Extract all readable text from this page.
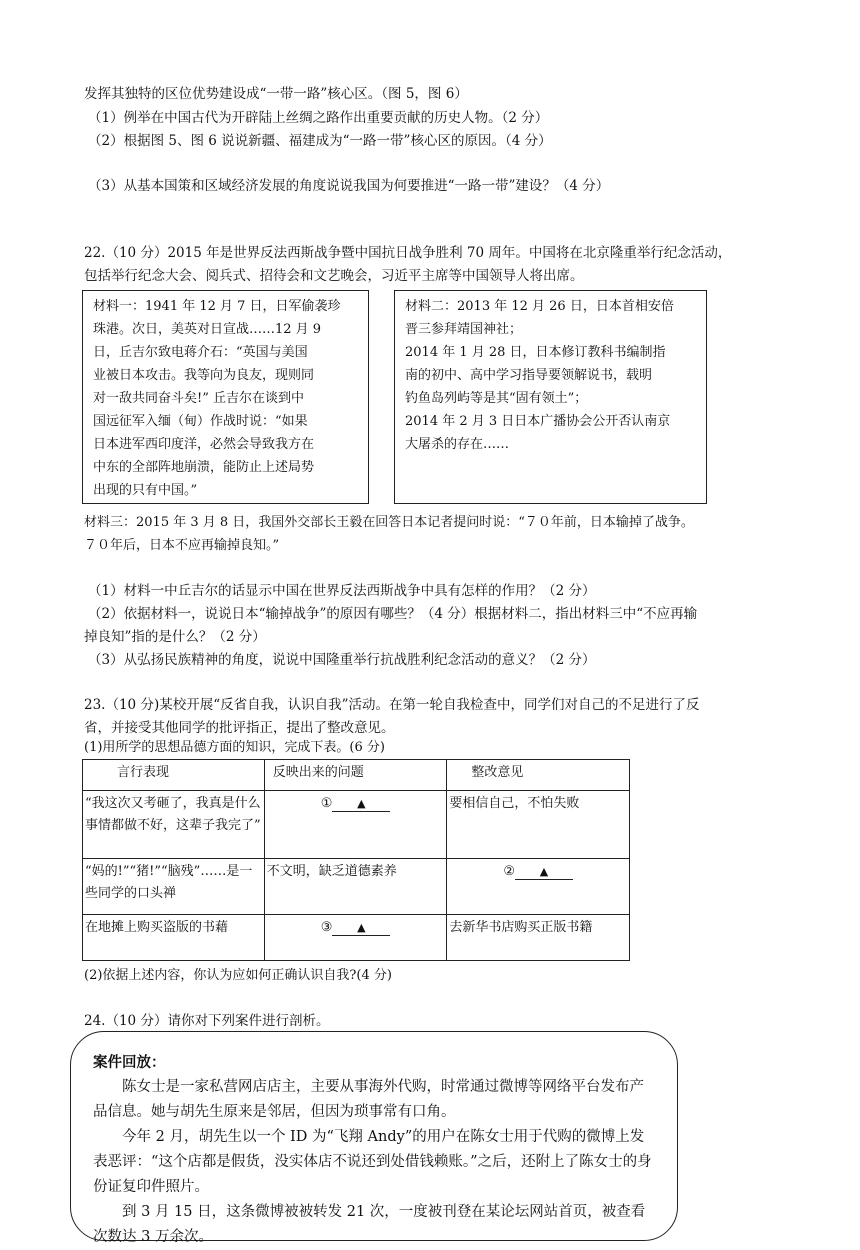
发挥其独特的区位优势建设成“一带一路”核心区。（图 5，图 6）
（1）例举在中国古代为开辟陆上丝绸之路作出重要贡献的历史人物。（2 分）
（2）根据图 5、图 6 说说新疆、福建成为“一路一带”核心区的原因。（4 分）
（3）从基本国策和区域经济发展的角度说说我国为何要推进“一路一带”建设？（4 分）
22.（10 分）2015 年是世界反法西斯战争暨中国抗日战争胜利 70 周年。中国将在北京隆重举行纪念活动，
包括举行纪念大会、阅兵式、招待会和文艺晚会，习近平主席等中国领导人将出席。

材料一：1941 年 12 月 7 日，日军偷袭珍

珠港。次日，美英对日宣战……12 月 9

日，丘吉尔致电蒋介石：“英国与美国

业被日本攻击。我等向为良友，现则同

对一敌共同奋斗矣!” 丘吉尔在谈到中

国远征军入缅（甸）作战时说：“如果

日本进军西印度洋，必然会导致我方在

中东的全部阵地崩溃，能防止上述局势

出现的只有中国。”

材料二：2013 年 12 月 26 日，日本首相安倍

晋三参拜靖国神社；

2014 年 1 月 28 日，日本修订教科书编制指

南的初中、高中学习指导要领解说书，载明

钓鱼岛列屿等是其“固有领土”；

2014 年 2 月 3 日日本广播协会公开否认南京

大屠杀的存在……

材料三：2015 年 3 月 8 日，我国外交部长王毅在回答日本记者提问时说：“７０年前，日本输掉了战争。
７０年后，日本不应再输掉良知。”
（1）材料一中丘吉尔的话显示中国在世界反法西斯战争中具有怎样的作用？（2 分）
（2）依据材料一，说说日本“输掉战争”的原因有哪些？（4 分）根据材料二，指出材料三中“不应再输
掉良知”指的是什么？（2 分）
（3）从弘扬民族精神的角度，说说中国隆重举行抗战胜利纪念活动的意义？（2 分）
23.（10 分)某校开展“反省自我，认识自我”活动。在第一轮自我检查中，同学们对自己的不足进行了反
省，并接受其他同学的批评指正，提出了整改意见。
(1)用所学的思想品德方面的知识，完成下表。(6 分)
言行表现	反映出来的问题	整改意见
“我这次又考砸了，我真是什么事情都做不好，这辈子我完了”	① ▲	要相信自己，不怕失败
“妈的!”“猪!”“脑残”……是一些同学的口头禅	不文明，缺乏道德素养	② ▲
在地摊上购买盗版的书藉	③ ▲	去新华书店购买正版书籍
(2)依据上述内容，你认为应如何正确认识自我?(4 分)
24.（10 分）请你对下列案件进行剖析。

案件回放：

陈女士是一家私营网店店主，主要从事海外代购，时常通过微博等网络平台发布产品信息。她与胡先生原来是邻居，但因为琐事常有口角。

今年 2 月，胡先生以一个 ID 为“飞翔 Andy”的用户在陈女士用于代购的微博上发表恶评：“这个店都是假货，没实体店不说还到处借钱赖账。”之后，还附上了陈女士的身份证复印件照片。

到 3 月 15 日，这条微博被被转发 21 次，一度被刊登在某论坛网站首页，被查看次数达 3 万余次。
